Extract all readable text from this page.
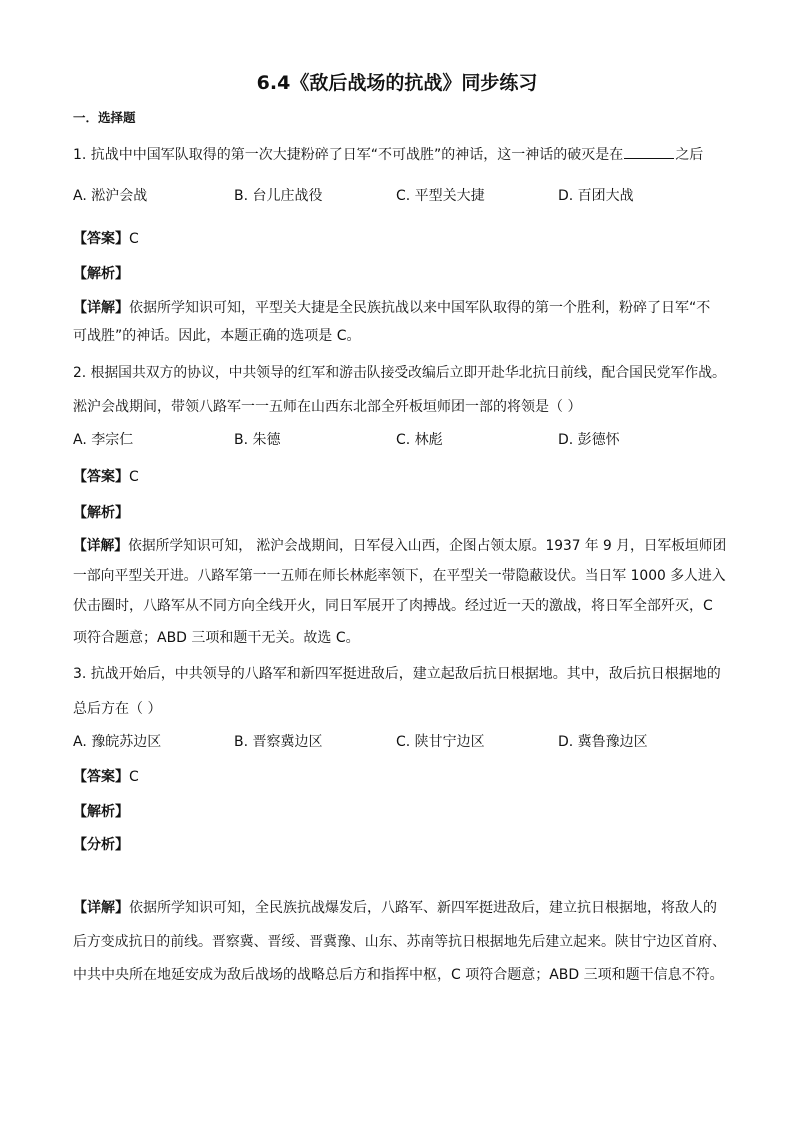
6.4《敌后战场的抗战》同步练习
一．选择题
1. 抗战中中国军队取得的第一次大捷粉碎了日军“不可战胜”的神话，这一神话的破灭是在	之后
A. 淞沪会战	B. 台儿庄战役	C. 平型关大捷	D. 百团大战
【答案】C
【解析】
【详解】依据所学知识可知，平型关大捷是全民族抗战以来中国军队取得的第一个胜利，粉碎了日军“不
可战胜”的神话。因此，本题正确的选项是 C。
2. 根据国共双方的协议，中共领导的红军和游击队接受改编后立即开赴华北抗日前线，配合国民党军作战。
淞沪会战期间，带领八路军一一五师在山西东北部全歼板垣师团一部的将领是（ ）
A. 李宗仁	B. 朱德	C. 林彪	D. 彭德怀
【答案】C
【解析】
【详解】依据所学知识可知， 淞沪会战期间，日军侵入山西，企图占领太原。1937 年 9 月，日军板垣师团
一部向平型关开进。八路军第一一五师在师长林彪率领下，在平型关一带隐蔽设伏。当日军 1000 多人进入
伏击圈时，八路军从不同方向全线开火，同日军展开了肉搏战。经过近一天的激战，将日军全部歼灭，C
项符合题意；ABD 三项和题干无关。故选 C。
3. 抗战开始后，中共领导的八路军和新四军挺进敌后，建立起敌后抗日根据地。其中，敌后抗日根据地的
总后方在（ ）
A. 豫皖苏边区	B. 晋察冀边区	C. 陕甘宁边区	D. 冀鲁豫边区
【答案】C
【解析】
【分析】
【详解】依据所学知识可知，全民族抗战爆发后，八路军、新四军挺进敌后，建立抗日根据地，将敌人的
后方变成抗日的前线。晋察冀、晋绥、晋冀豫、山东、苏南等抗日根据地先后建立起来。陕甘宁边区首府、
中共中央所在地延安成为敌后战场的战略总后方和指挥中枢，C 项符合题意；ABD 三项和题干信息不符。
